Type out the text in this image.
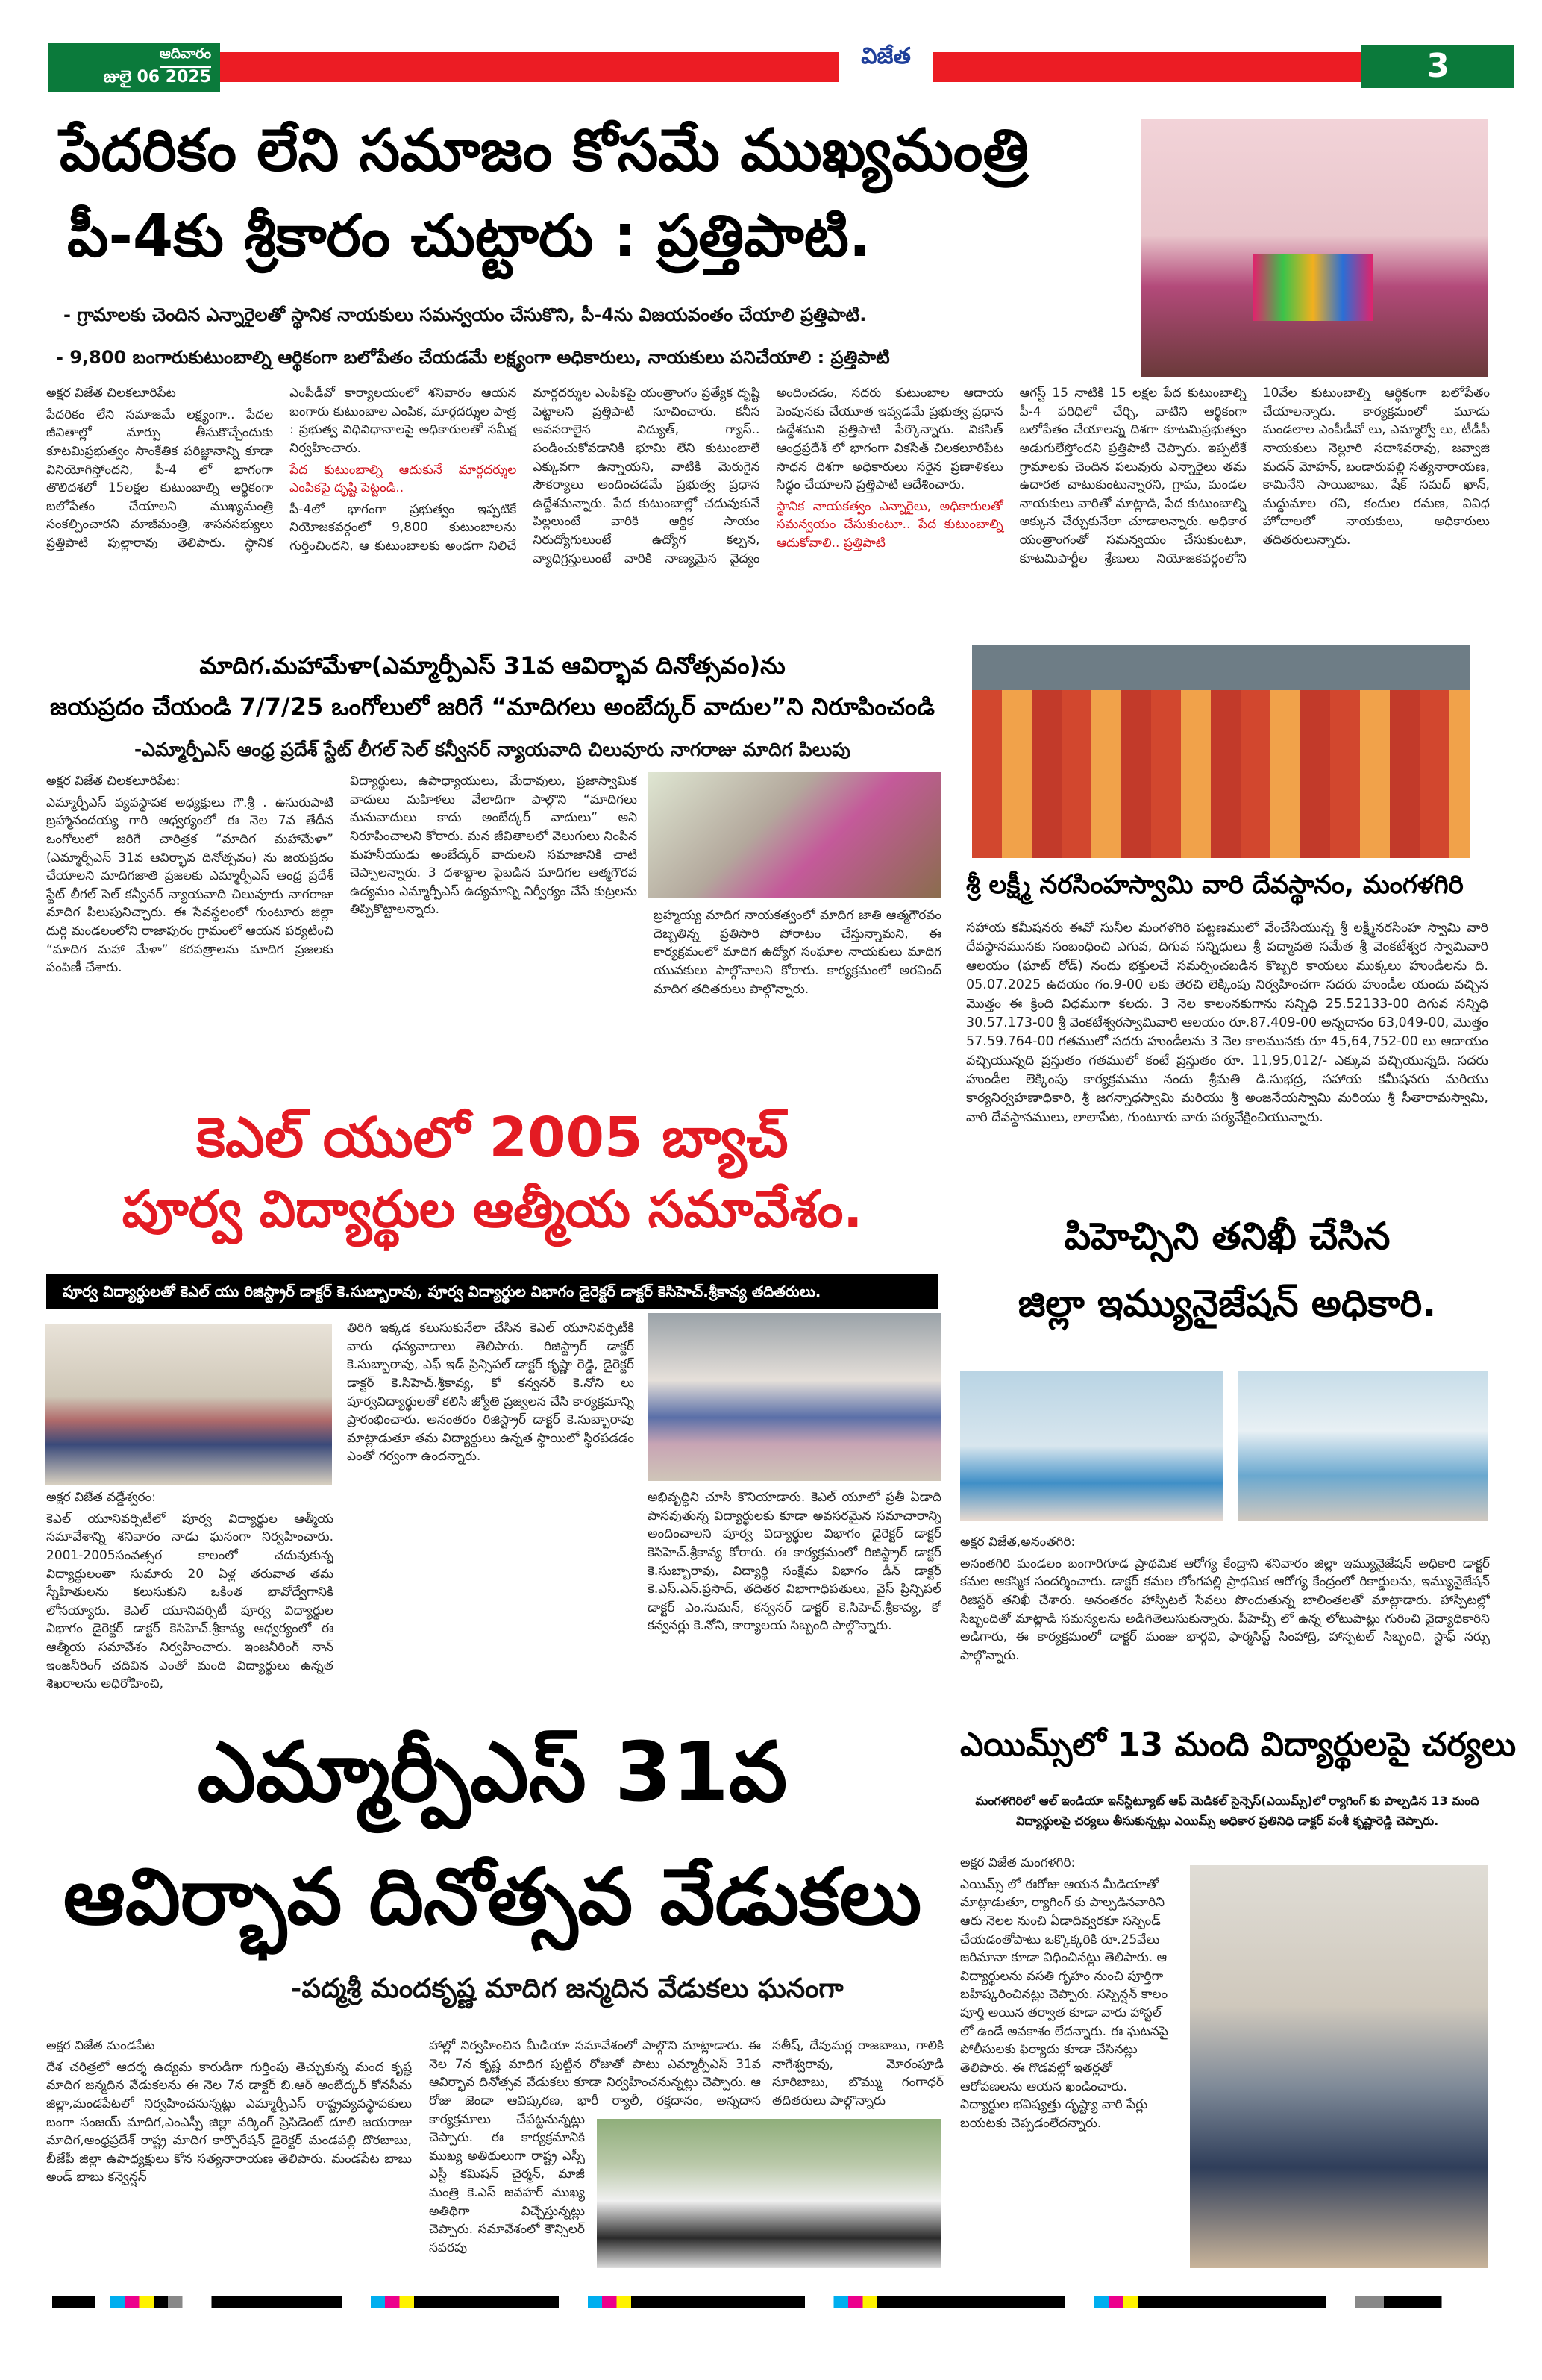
ఆదివారం
జులై 06 2025
విజేత	3
పేదరికం లేని సమాజం కోసమే ముఖ్యమంత్రి
పీ-4కు శ్రీకారం చుట్టారు : ప్రత్తిపాటి.
- గ్రామాలకు చెందిన ఎన్నారైలతో స్థానిక నాయకులు సమన్వయం చేసుకొని, పీ-4ను విజయవంతం చేయాలి ప్రత్తిపాటి.
- 9,800 బంగారుకుటుంబాల్ని ఆర్థికంగా బలోపేతం చేయడమే లక్ష్యంగా అధికారులు, నాయకులు పనిచేయాలి : ప్రత్తిపాటి

అక్షర విజేత చిలకలూరిపేట

పేదరికం లేని సమాజమే లక్ష్యంగా.. పేదల జీవితాల్లో మార్పు తీసుకొచ్చేందుకు కూటమిప్రభుత్వం సాంకేతిక పరిజ్ఞానాన్ని కూడా వినియోగిస్తోందని, పీ-4 లో భాగంగా తొలిదశలో 15లక్షల కుటుంబాల్ని ఆర్థికంగా బలోపేతం చేయాలని ముఖ్యమంత్రి సంకల్పించారని మాజీమంత్రి, శాసనసభ్యులు ప్రత్తిపాటి పుల్లారావు తెలిపారు. స్థానిక ఎంపీడీవో కార్యాలయంలో శనివారం ఆయన బంగారు కుటుంబాల ఎంపిక, మార్గదర్శుల పాత్ర : ప్రభుత్వ విధివిధానాలపై అధికారులతో సమీక్ష నిర్వహించారు.

పేద కుటుంబాల్ని ఆదుకునే మార్గదర్శుల ఎంపికపై దృష్టి పెట్టండి..

పీ-4లో భాగంగా ప్రభుత్వం ఇప్పటికే నియోజకవర్గంలో 9,800 కుటుంబాలను గుర్తించిందని, ఆ కుటుంబాలకు అండగా నిలిచే మార్గదర్శుల ఎంపికపై యంత్రాంగం ప్రత్యేక దృష్టి పెట్టాలని ప్రత్తిపాటి సూచించారు. కనీస అవసరాలైన విద్యుత్, గ్యాస్.. పండించుకోవడానికి భూమి లేని కుటుంబాలే ఎక్కువగా ఉన్నాయని, వాటికి మెరుగైన సౌకర్యాలు అందించడమే ప్రభుత్వ ప్రధాన ఉద్దేశమన్నారు. పేద కుటుంబాల్లో చదువుకునే పిల్లలుంటే వారికి ఆర్థిక సాయం నిరుద్యోగులుంటే ఉద్యోగ కల్పన, వ్యాధిగ్రస్తులుంటే వారికి నాణ్యమైన వైద్యం అందించడం, సదరు కుటుంబాల ఆదాయ పెంపునకు చేయూత ఇవ్వడమే ప్రభుత్వ ప్రధాన ఉద్దేశమని ప్రత్తిపాటి పేర్కొన్నారు. వికసిత్ ఆంధ్రప్రదేశ్ లో భాగంగా వికసిత్ చిలకలూరిపేట సాధన దిశగా అధికారులు సరైన ప్రణాళికలు సిద్ధం చేయాలని ప్రత్తిపాటి ఆదేశించారు.

స్థానిక నాయకత్వం ఎన్నారైలు, అధికారులతో సమన్వయం చేసుకుంటూ.. పేద కుటుంబాల్ని ఆదుకోవాలి.. ప్రత్తిపాటి

ఆగస్ట్ 15 నాటికి 15 లక్షల పేద కుటుంబాల్ని పీ-4 పరిధిలో చేర్చి, వాటిని ఆర్థికంగా బలోపేతం చేయాలన్న దిశగా కూటమిప్రభుత్వం అడుగులేస్తోందని ప్రత్తిపాటి చెప్పారు. ఇప్పటికే గ్రామాలకు చెందిన పలువురు ఎన్నారైలు తమ ఉదారత చాటుకుంటున్నారని, గ్రామ, మండల నాయకులు వారితో మాట్లాడి, పేద కుటుంబాల్ని అక్కున చేర్చుకునేలా చూడాలన్నారు. అధికార యంత్రాంగంతో సమన్వయం చేసుకుంటూ, కూటమిపార్టీల శ్రేణులు నియోజకవర్గంలోని 10వేల కుటుంబాల్ని ఆర్థికంగా బలోపేతం చేయాలన్నారు. కార్యక్రమంలో మూడు మండలాల ఎంపీడీవో లు, ఎమ్మార్వో లు, టీడీపీ నాయకులు నెల్లూరి సదాశివరావు, జవ్వాజి మదన్ మోహన్, బండారుపల్లి సత్యనారాయణ, కామినేని సాయిబాబు, షేక్ సమద్ ఖాన్, మద్దుమాల రవి, కందుల రమణ, వివిధ హోదాలలో నాయకులు, అధికారులు తదితరులున్నారు.

మాదిగ.మహామేళా(ఎమ్మార్పీఎస్ 31వ ఆవిర్భావ దినోత్సవం)ను
జయప్రదం చేయండి 7/7/25 ఒంగోలులో జరిగే “మాదిగలు అంబేద్కర్ వాదుల”ని నిరూపించండి
-ఎమ్మార్పీఎస్ ఆంధ్ర ప్రదేశ్ స్టేట్ లీగల్ సెల్ కన్వీనర్ న్యాయవాది చిలువూరు నాగరాజు మాదిగ పిలుపు

అక్షర విజేత చిలకలూరిపేట:

ఎమ్మార్పీఎస్ వ్యవస్థాపక అధ్యక్షులు గౌ.శ్రీ . ఉసురుపాటి బ్రహ్మానందయ్య గారి ఆధ్వర్యంలో ఈ నెల 7వ తేదీన ఒంగోలులో జరిగే చారిత్రక “మాదిగ మహామేళా” (ఎమ్మార్పీఎస్ 31వ ఆవిర్భావ దినోత్సవం) ను జయప్రదం చేయాలని మాదిగజాతి ప్రజలకు ఎమ్మార్పీఎస్ ఆంధ్ర ప్రదేశ్ స్టేట్ లీగల్ సెల్ కన్వీనర్ న్యాయవాది చిలువూరు నాగరాజు మాదిగ పిలుపునిచ్చారు. ఈ సేవస్థలంలో గుంటూరు జిల్లా దుర్గి మండలంలోని రాజాపురం గ్రామంలో ఆయన పర్యటించి “మాదిగ మహా మేళా” కరపత్రాలను మాదిగ ప్రజలకు పంపిణీ చేశారు.

విద్యార్థులు, ఉపాధ్యాయులు, మేధావులు, ప్రజాస్వామిక వాదులు మహిళలు వేలాదిగా పాల్గొని “మాదిగలు మనువాదులు కాదు అంబేద్కర్ వాదులు” అని నిరూపించాలని కోరారు. మన జీవితాలలో వెలుగులు నింపిన మహనీయుడు అంబేద్కర్ వాదులని సమాజానికి చాటి చెప్పాలన్నారు. 3 దశాబ్దాల పైబడిన మాదిగల ఆత్మగౌరవ ఉద్యమం ఎమ్మార్పీఎస్ ఉద్యమాన్ని నిర్వీర్యం చేసే కుట్రలను తిప్పికొట్టాలన్నారు.	బ్రహ్మయ్య మాదిగ నాయకత్వంలో మాదిగ జాతి ఆత్మగౌరవం దెబ్బతిన్న ప్రతిసారి పోరాటం చేస్తున్నామని, ఈ కార్యక్రమంలో మాదిగ ఉద్యోగ సంఘాల నాయకులు మాదిగ యువకులు పాల్గొనాలని కోరారు. కార్యక్రమంలో అరవింద్ మాదిగ తదితరులు పాల్గొన్నారు.

శ్రీ లక్ష్మీ నరసింహస్వామి వారి దేవస్థానం, మంగళగిరి
సహాయ కమీషనరు ఈవో సునీల మంగళగిరి పట్టణములో వేంచేసియున్న శ్రీ లక్ష్మీనరసింహ స్వామి వారి దేవస్థానమునకు సంబంధించి ఎగువ, దిగువ సన్నిధులు శ్రీ పద్మావతి సమేత శ్రీ వెంకటేశ్వర స్వామివారి ఆలయం (ఘాట్ రోడ్) నందు భక్తులచే సమర్పించబడిన కొబ్బరి కాయలు ముక్కలు హుండీలను ది. 05.07.2025 ఉదయం గం.9-00 లకు తెరచి లెక్కింపు నిర్వహించగా సదరు హుండీల యందు వచ్చిన మొత్తం ఈ క్రింది విధముగా కలదు. 3 నెల కాలంనకుగాను సన్నిధి 25.52133-00 దిగువ సన్నిధి 30.57.173-00 శ్రీ వెంకటేశ్వరస్వామివారి ఆలయం రూ.87.409-00 అన్నదానం 63,049-00, మొత్తం 57.59.764-00 గతములో సదరు హుండీలను 3 నెల కాలమునకు రూ 45,64,752-00 లు ఆదాయం వచ్చియున్నది ప్రస్తుతం గతములో కంటే ప్రస్తుతం రూ. 11,95,012/- ఎక్కువ వచ్చియున్నది. సదరు హుండీల లెక్కింపు కార్యక్రమము నందు శ్రీమతి డి.సుభద్ర, సహాయ కమీషనరు మరియు కార్యనిర్వహణాధికారి, శ్రీ జగన్నాధస్వామి మరియు శ్రీ అంజనేయస్వామి మరియు శ్రీ సీతారామస్వామి, వారి దేవస్థానములు, లాలాపేట, గుంటూరు వారు పర్యవేక్షించియున్నారు.
కెఎల్ యులో 2005 బ్యాచ్
పూర్వ విద్యార్థుల ఆత్మీయ సమావేశం.
పూర్వ విద్యార్థులతో కెఎల్ యు రిజిస్ట్రార్ డాక్టర్ కె.సుబ్బారావు, పూర్వ విద్యార్థుల విభాగం డైరెక్టర్ డాక్టర్ కెసిహెచ్.శ్రీకావ్య తదితరులు.

అక్షర విజేత వడ్డేశ్వరం:

కెఎల్ యూనివర్సిటీలో పూర్వ విద్యార్థుల ఆత్మీయ సమావేశాన్ని శనివారం నాడు ఘనంగా నిర్వహించారు. 2001-2005సంవత్సర కాలంలో చదువుకున్న విద్యార్థులంతా సుమారు 20 ఏళ్ల తరువాత తమ స్నేహితులను కలుసుకుని ఒకింత భావోద్వేగానికి లోనయ్యారు. కెఎల్ యూనివర్సిటీ పూర్వ విద్యార్థుల విభాగం డైరెక్టర్ డాక్టర్ కెసిహెచ్.శ్రీకావ్య ఆధ్వర్యంలో ఈ ఆత్మీయ సమావేశం నిర్వహించారు. ఇంజనీరింగ్ నాన్ ఇంజనీరింగ్ చదివిన ఎంతో మంది విద్యార్థులు ఉన్నత శిఖరాలను అధిరోహించి,

తిరిగి ఇక్కడ కలుసుకునేలా చేసిన కెఎల్ యూనివర్సిటీకి వారు ధన్యవాదాలు తెలిపారు. రిజిస్ట్రార్ డాక్టర్ కె.సుబ్బారావు, ఎఫ్ ఇడ్ ప్రిన్సిపల్ డాక్టర్ కృష్ణా రెడ్డి, డైరెక్టర్ డాక్టర్ కె.సిహెచ్.శ్రీకావ్య, కో కన్వనర్ కె.నోని లు పూర్వవిద్యార్థులతో కలిసి జ్యోతి ప్రజ్వలన చేసి కార్యక్రమాన్ని ప్రారంభించారు. అనంతరం రిజిస్ట్రార్ డాక్టర్ కె.సుబ్బారావు మాట్లాడుతూ తమ విద్యార్థులు ఉన్నత స్థాయిలో స్థిరపడడం ఎంతో గర్వంగా ఉందన్నారు.
అభివృద్ధిని చూసి కొనియాడారు. కెఎల్ యూలో ప్రతీ ఏడాది పాసవుతున్న విద్యార్థులకు కూడా అవసరమైన సమాచారాన్ని అందించాలని పూర్వ విద్యార్థుల విభాగం డైరెక్టర్ డాక్టర్ కెసిహెచ్.శ్రీకావ్య కోరారు. ఈ కార్యక్రమంలో రిజిస్ట్రార్ డాక్టర్ కె.సుబ్బారావు, విద్యార్థి సంక్షేమ విభాగం డీన్ డాక్టర్ కె.ఎస్.ఎన్.ప్రసాద్, తదితర విభాగాధిపతులు, వైస్ ప్రిన్సిపల్ డాక్టర్ ఎం.సుమన్, కన్వనర్ డాక్టర్ కె.సిహెచ్.శ్రీకావ్య, కో కన్వనర్లు కె.నోని, కార్యాలయ సిబ్బంది పాల్గొన్నారు.
పిహెచ్సిని తనిఖీ చేసిన
జిల్లా ఇమ్యునైజేషన్ అధికారి.

అక్షర విజేత,అనంతగిరి:

అనంతగిరి మండలం బంగారిగూడ ప్రాథమిక ఆరోగ్య కేంద్రాని శనివారం జిల్లా ఇమ్యునైజేషన్ అధికారి డాక్టర్ కమల ఆకస్మిక సందర్శించారు. డాక్టర్ కమల లోంగపల్లి ప్రాథమిక ఆరోగ్య కేంద్రంలో రికార్డులను, ఇమ్యునైజేషన్ రిజిస్టర్ తనిఖీ చేశారు. అనంతరం హాస్పిటల్ సేవలు పొందుతున్న బాలింతలతో మాట్లాడారు. హాస్పిటల్లో సిబ్బందితో మాట్లాడి సమస్యలను అడిగితెలుసుకున్నారు. పీహెచ్సీ లో ఉన్న లోటుపాట్లు గురించి వైద్యాధికారిని అడిగారు, ఈ కార్యక్రమంలో డాక్టర్ మంజు భార్గవి, ఫార్మసిస్ట్ సింహాద్రి, హాస్పటల్ సిబ్బంది, స్టాఫ్ నర్సు పాల్గొన్నారు.

ఎయిమ్స్‌లో 13 మంది విద్యార్థులపై చర్యలు
మంగళగిరిలో ఆల్ ఇండియా ఇన్‌స్టిట్యూట్ ఆఫ్ మెడికల్ సైన్సెస్(ఎయిమ్స్)లో ర్యాగింగ్ కు పాల్పడిన 13 మంది విద్యార్థులపై చర్యలు తీసుకున్నట్లు ఎయిమ్స్ అధికార ప్రతినిధి డాక్టర్ వంశీ కృష్ణారెడ్డి చెప్పారు.

అక్షర విజేత మంగళగిరి:

ఎయిమ్స్ లో ఈరోజు ఆయన మీడియాతో మాట్లాడుతూ, ర్యాగింగ్ కు పాల్పడినవారిని ఆరు నెలల నుంచి ఏడాదివ్వరకూ సస్పెండ్ చేయడంతోపాటు ఒక్కొక్కరికి రూ.25వేలు జరిమానా కూడా విధించినట్లు తెలిపారు. ఆ విద్యార్థులను వసతి గృహం నుంచి పూర్తిగా బహిష్కరించినట్లు చెప్పారు. సస్పెన్షన్ కాలం పూర్తి అయిన తర్వాత కూడా వారు హాస్టల్ లో ఉండే అవకాశం లేదన్నారు. ఈ ఘటనపై పోలీసులకు ఫిర్యాదు కూడా చేసినట్లు తెలిపారు. ఈ గొడవల్లో ఇతర్లతో ఆరోపణలను ఆయన ఖండించారు. విద్యార్థుల భవిష్యత్తు దృష్ట్యా వారి పేర్లు బయటకు చెప్పడంలేదన్నారు.

ఎమ్మార్పీఎస్ 31వ
ఆవిర్భావ దినోత్సవ వేడుకలు
-పద్మశ్రీ మందకృష్ణ మాదిగ జన్మదిన వేడుకలు ఘనంగా

అక్షర విజేత మండపేట

దేశ చరిత్రలో ఆదర్శ ఉద్యమ కారుడిగా గుర్తింపు తెచ్చుకున్న మంద కృష్ణ మాదిగ జన్మదిన వేడుకలను ఈ నెల 7న డాక్టర్ బి.ఆర్ అంబేద్కర్ కోనసీమ జిల్లా,మండపేటలో నిర్వహించనున్నట్లు ఎమ్మార్పీఎస్ రాష్ట్రవ్యవస్థాపకులు బంగా సంజయ్ మాదిగ,ఎంఎస్పీ జిల్లా వర్కింగ్ ప్రెసిడెంట్ దూలి జయరాజు మాదిగ,ఆంధ్రప్రదేశ్ రాష్ట్ర మాదిగ కార్పొరేషన్ డైరెక్టర్ మండపల్లి దొరబాబు, బీజేపీ జిల్లా ఉపాధ్యక్షులు కోన సత్యనారాయణ తెలిపారు. మండపేట బాబు అండ్ బాబు కన్వెన్షన్

హాల్లో నిర్వహించిన మీడియా సమావేశంలో పాల్గొని మాట్లాడారు. ఈ నెల 7న కృష్ణ మాదిగ పుట్టిన రోజుతో పాటు ఎమ్మార్పీఎస్ 31వ ఆవిర్భావ దినోత్సవ వేడుకలు కూడా నిర్వహించనున్నట్లు చెప్పారు. ఆ రోజు జెండా ఆవిష్కరణ, భారీ ర్యాలీ, రక్తదానం, అన్నదాన కార్యక్రమాలు చేపట్టనున్నట్లు చెప్పారు. ఈ కార్యక్రమానికి ముఖ్య అతిథులుగా రాష్ట్ర ఎస్సీ ఎస్టీ కమిషన్ చైర్మన్, మాజీ మంత్రి కె.ఎస్ జవహర్ ముఖ్య అతిథిగా విచ్చేస్తున్నట్లు చెప్పారు. సమావేశంలో కౌన్సిలర్ సవరపు

సతీష్, దేవుమర్ల రాజబాబు, గాలికి నాగేశ్వరావు, మోరంపూడి సూరిబాబు, బొమ్ము గంగాధర్ తదితరులు పాల్గొన్నారు
